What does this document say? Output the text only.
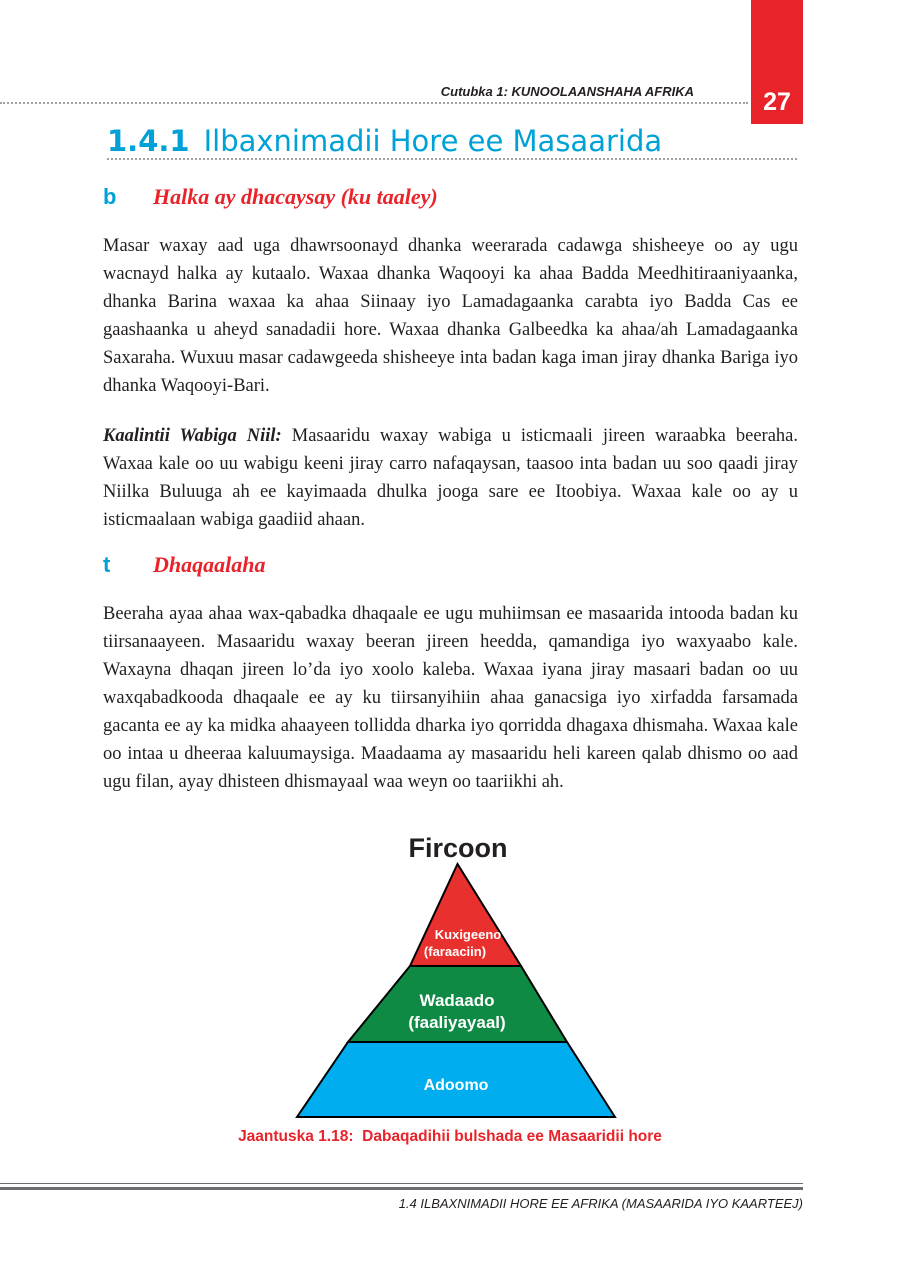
27
Cutubka 1: KUNOOLAANSHAHA AFRIKA
1.4.1 Ilbaxnimadii Hore ee Masaarida
b Halka ay dhacaysay (ku taaley)

Masar waxay aad uga dhawrsoonayd dhanka weerarada cadawga shisheeye oo ay ugu wacnayd halka ay kutaalo. Waxaa dhanka Waqooyi ka ahaa Badda Meedhitiraaniyaanka, dhanka Barina waxaa ka ahaa Siinaay iyo Lamadagaanka carabta iyo Badda Cas ee gaashaanka u aheyd sanadadii hore. Waxaa dhanka Galbeedka ka ahaa/ah Lamadagaanka Saxaraha. Wuxuu masar cadawgeeda shisheeye inta badan kaga iman jiray dhanka Bariga iyo dhanka Waqooyi-Bari.

Kaalintii Wabiga Niil: Masaaridu waxay wabiga u isticmaali jireen waraabka beeraha. Waxaa kale oo uu wabigu keeni jiray carro nafaqaysan, taasoo inta badan uu soo qaadi jiray Niilka Buluuga ah ee kayimaada dhulka jooga sare ee Itoobiya. Waxaa kale oo ay u isticmaalaan wabiga gaadiid ahaan.

t Dhaqaalaha

Beeraha ayaa ahaa wax-qabadka dhaqaale ee ugu muhiimsan ee masaarida intooda badan ku tiirsanaayeen. Masaaridu waxay beeran jireen heedda, qamandiga iyo waxyaabo kale. Waxayna dhaqan jireen lo’da iyo xoolo kaleba. Waxaa iyana jiray masaari badan oo uu waxqabadkooda dhaqaale ee ay ku tiirsanyihiin ahaa ganacsiga iyo xirfadda farsamada gacanta ee ay ka midka ahaayeen tollidda dharka iyo qorridda dhagaxa dhismaha. Waxaa kale oo intaa u dheeraa kaluumaysiga. Maadaama ay masaaridu heli kareen qalab dhismo oo aad ugu filan, ayay dhisteen dhismayaal waa weyn oo taariikhi ah.

Fircoon
Kuxigeeno
(faraaciin)
Wadaado
(faaliyayaal)
Adoomo
Jaantuska 1.18: Dabaqadihii bulshada ee Masaaridii hore
1.4 ILBAXNIMADII HORE EE AFRIKA (MASAARIDA IYO KAARTEEJ)
